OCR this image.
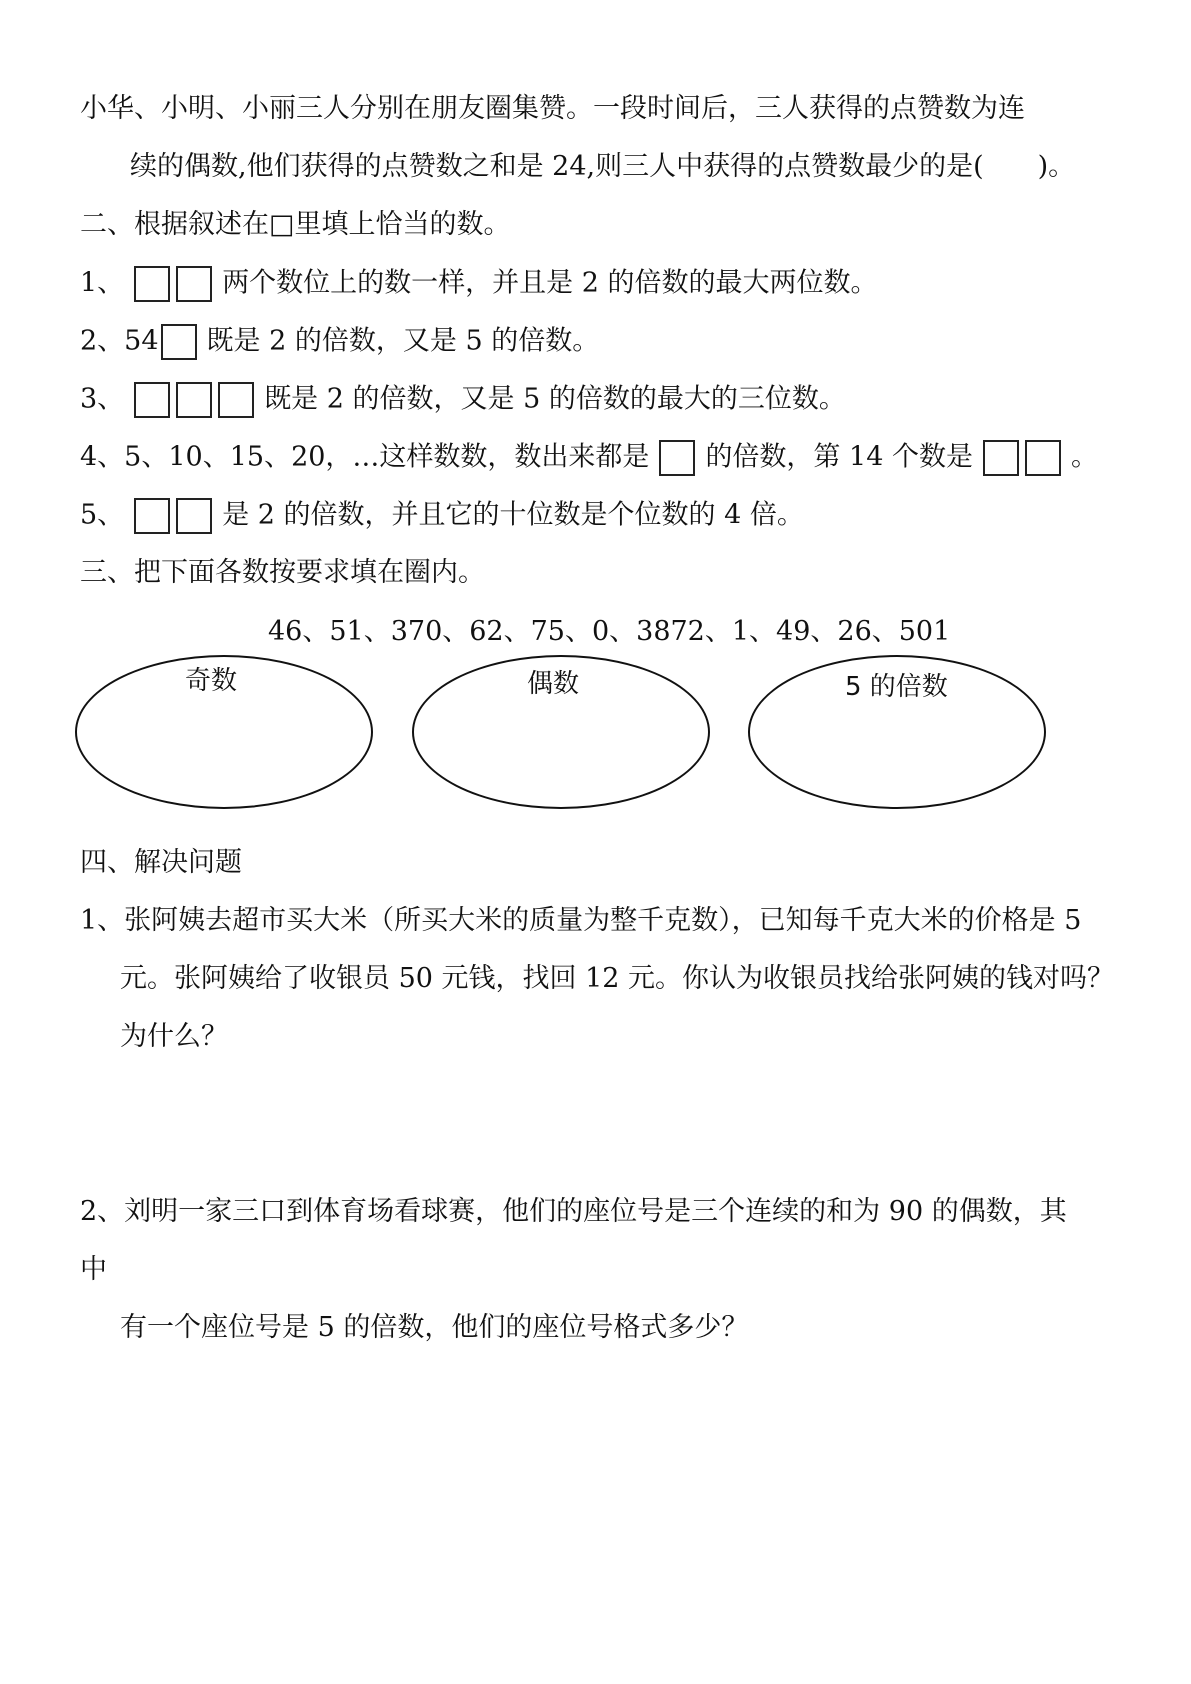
小华、小明、小丽三人分别在朋友圈集赞。一段时间后，三人获得的点赞数为连
续的偶数,他们获得的点赞数之和是 24,则三人中获得的点赞数最少的是(　　)。
二、根据叙述在□里填上恰当的数。
1、	两个数位上的数一样，并且是 2 的倍数的最大两位数。
2、54 既是 2 的倍数，又是 5 的倍数。
3、	既是 2 的倍数，又是 5 的倍数的最大的三位数。
4、5、10、15、20，…这样数数，数出来都是 的倍数，第 14 个数是	。
5、	是 2 的倍数，并且它的十位数是个位数的 4 倍。
三、把下面各数按要求填在圈内。
46、51、370、62、75、0、3872、1、49、26、501
奇数	偶数	5 的倍数
四、解决问题
1、张阿姨去超市买大米（所买大米的质量为整千克数），已知每千克大米的价格是 5
元。张阿姨给了收银员 50 元钱，找回 12 元。你认为收银员找给张阿姨的钱对吗？
为什么？
2、刘明一家三口到体育场看球赛，他们的座位号是三个连续的和为 90 的偶数，其
中
有一个座位号是 5 的倍数，他们的座位号格式多少？
